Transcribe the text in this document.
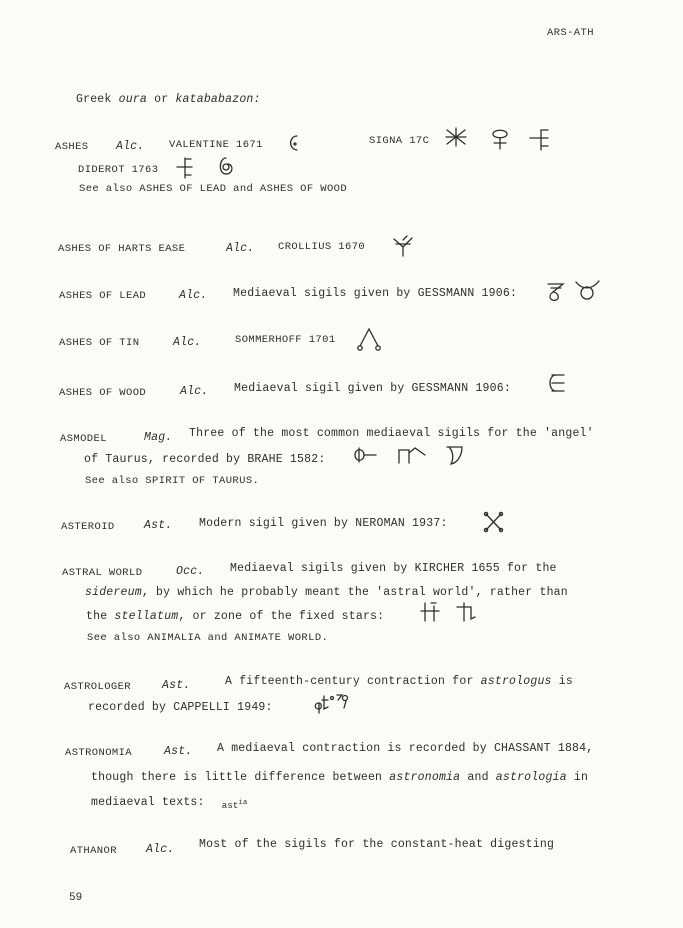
ARS-ATH
Greek oura or katababazon:
ASHES Alc. VALENTINE 1671	SIGNA 17C
DIDEROT 1763
See also ASHES OF LEAD and ASHES OF WOOD
ASHES OF HARTS EASE	Alc. CROLLIUS 1670
ASHES OF LEAD	Alc. Mediaeval sigils given by GESSMANN 1906:
ASHES OF TIN	Alc.	SOMMERHOFF 1701
ASHES OF WOOD	Alc. Mediaeval sigil given by GESSMANN 1906:
ASMODEL	Mag. Three of the most common mediaeval sigils for the 'angel'
of Taurus, recorded by BRAHE 1582:
See also SPIRIT OF TAURUS.
ASTEROID	Ast. Modern sigil given by NEROMAN 1937:
ASTRAL WORLD	Occ. Mediaeval sigils given by KIRCHER 1655 for the
sidereum, by which he probably meant the 'astral world', rather than
the stellatum, or zone of the fixed stars:
See also ANIMALIA and ANIMATE WORLD.
ASTROLOGER	Ast.	A fifteenth-century contraction for astrologus is
recorded by CAPPELLI 1949:
ASTRONOMIA	Ast. A mediaeval contraction is recorded by CHASSANT 1884,
though there is little difference between astronomia and astrologia in
mediaeval texts: $_{ast^{ia}}$
ATHANOR	Alc. Most of the sigils for the constant-heat digesting
59
